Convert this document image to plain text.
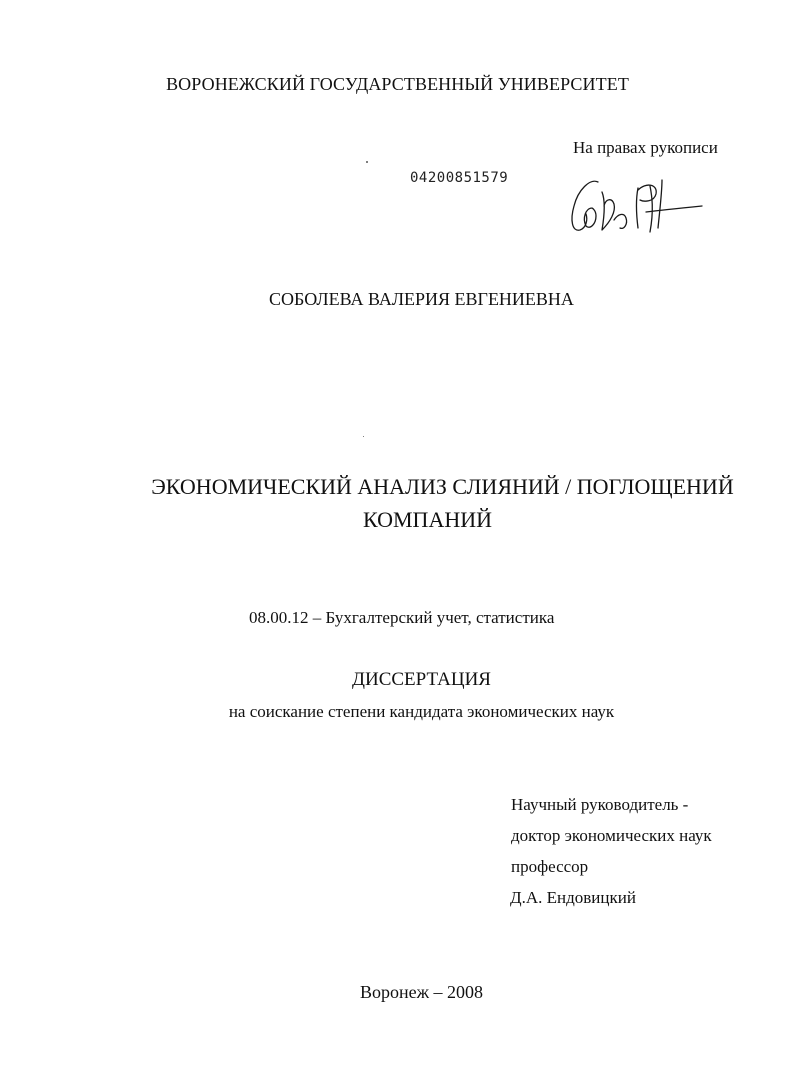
ВОРОНЕЖСКИЙ ГОСУДАРСТВЕННЫЙ УНИВЕРСИТЕТ
На правах рукописи
04200851579
СОБОЛЕВА ВАЛЕРИЯ ЕВГЕНИЕВНА
ЭКОНОМИЧЕСКИЙ АНАЛИЗ СЛИЯНИЙ / ПОГЛОЩЕНИЙ
КОМПАНИЙ
08.00.12 – Бухгалтерский учет, статистика
ДИССЕРТАЦИЯ
на соискание степени кандидата экономических наук
Научный руководитель -
доктор экономических наук
профессор
Д.А. Ендовицкий
Воронеж – 2008
